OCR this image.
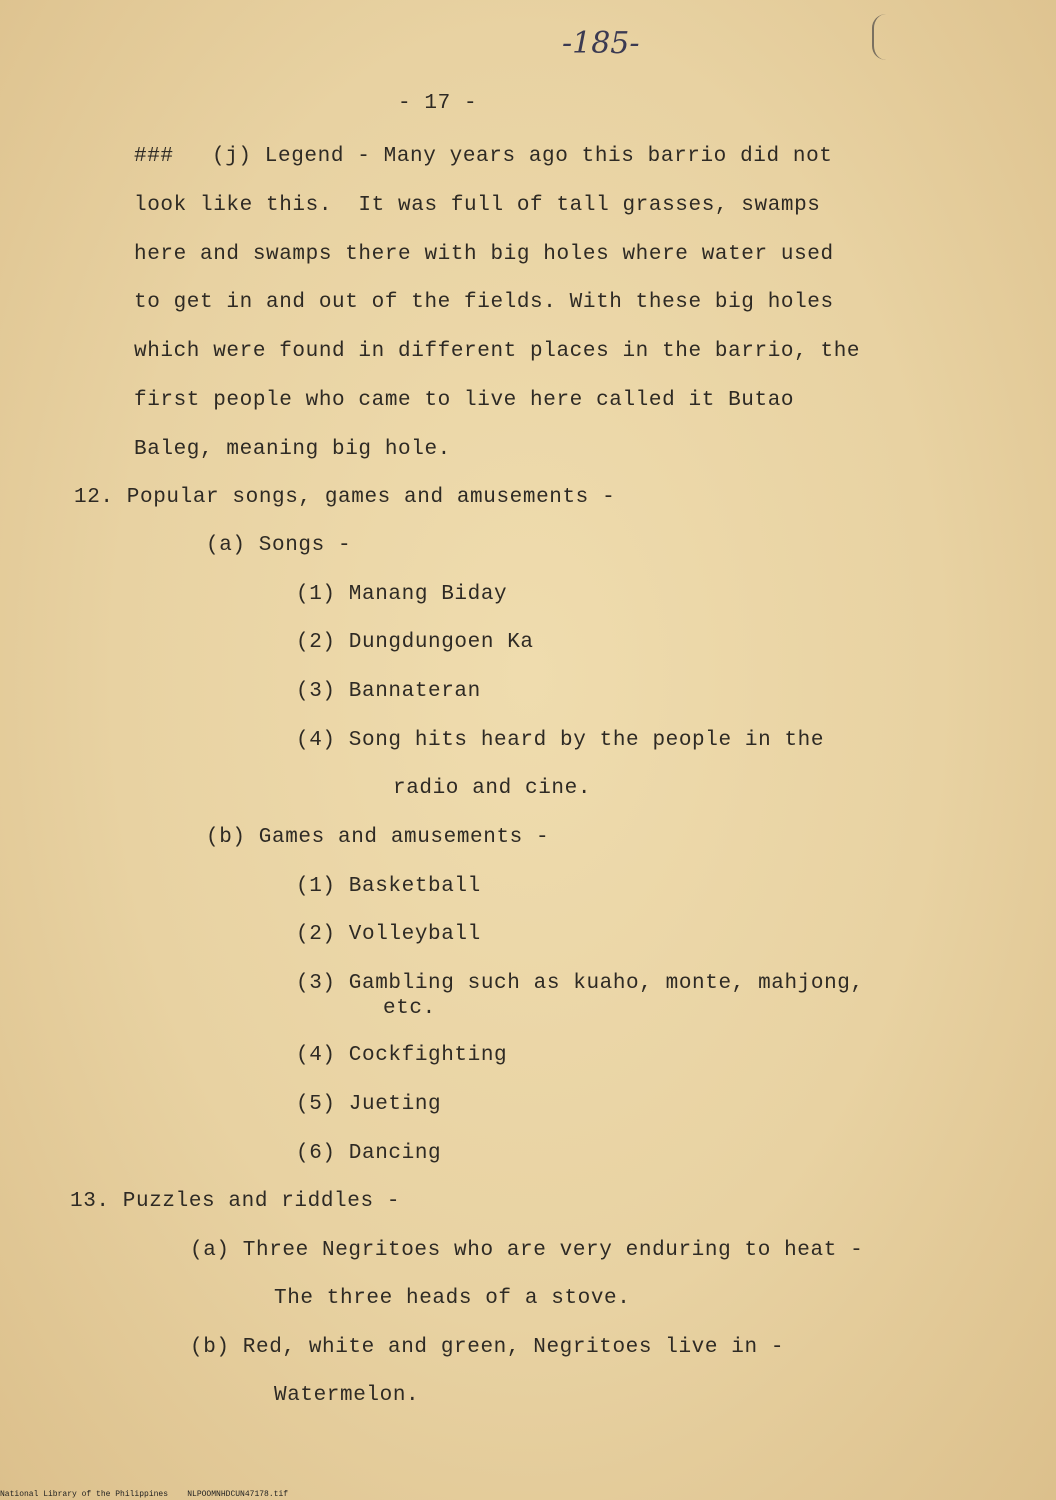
-185-
- 17 -
### (j) Legend - Many years ago this barrio did not
look like this.  It was full of tall grasses, swamps
here and swamps there with big holes where water used
to get in and out of the fields. With these big holes
which were found in different places in the barrio, the
first people who came to live here called it Butao
Baleg, meaning big hole.
12. Popular songs, games and amusements -
(a) Songs -
(1) Manang Biday
(2) Dungdungoen Ka
(3) Bannateran
(4) Song hits heard by the people in the
radio and cine.
(b) Games and amusements -
(1) Basketball
(2) Volleyball
(3) Gambling such as kuaho, monte, mahjong,
etc.
(4) Cockfighting
(5) Jueting
(6) Dancing
13. Puzzles and riddles -
(a) Three Negritoes who are very enduring to heat -
The three heads of a stove.
(b) Red, white and green, Negritoes live in -
Watermelon.
National Library of the Philippines    NLPOOMNHDCUN47178.tif
